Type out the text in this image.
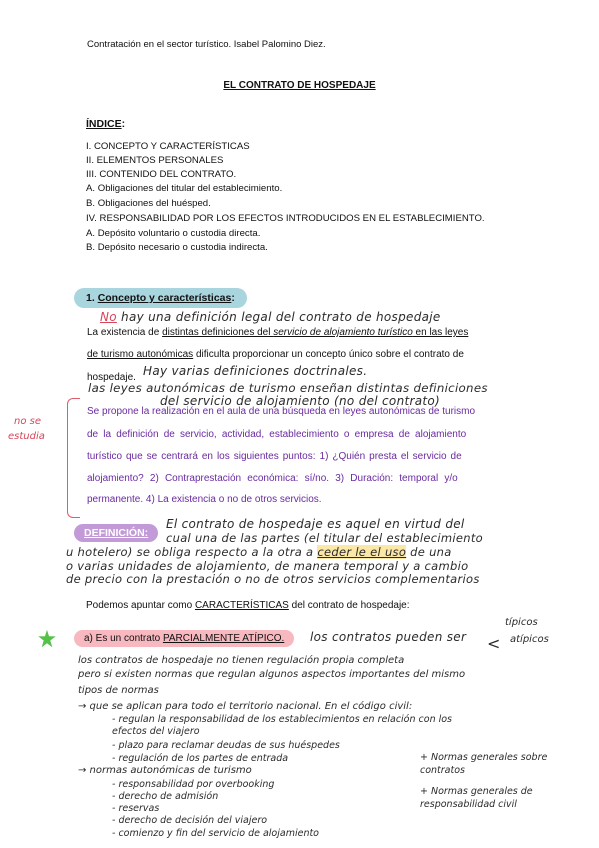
Contratación en el sector turístico. Isabel Palomino Diez.
EL CONTRATO DE HOSPEDAJE
ÍNDICE:
I. CONCEPTO Y CARACTERÍSTICAS
II. ELEMENTOS PERSONALES
III. CONTENIDO DEL CONTRATO.
A. Obligaciones del titular del establecimiento.
B. Obligaciones del huésped.
IV. RESPONSABILIDAD POR LOS EFECTOS INTRODUCIDOS EN EL ESTABLECIMIENTO.
A. Depósito voluntario o custodia directa.
B. Depósito necesario o custodia indirecta.
1. Concepto y características:
No hay una definición legal del contrato de hospedaje
La existencia de distintas definiciones del servicio de alojamiento turístico en las leyes
de turismo autonómicas dificulta proporcionar un concepto único sobre el contrato de
hospedaje. Hay varias definiciones doctrinales.
las leyes autonómicas de turismo enseñan distintas definiciones
del servicio de alojamiento (no del contrato)
no se
estudia
Se propone la realización en el aula de una búsqueda en leyes autonómicas de turismo
de la definición de servicio, actividad, establecimiento o empresa de alojamiento
turístico que se centrará en los siguientes puntos: 1) ¿Quién presta el servicio de
alojamiento? 2) Contraprestación económica: sí/no. 3) Duración: temporal y/o
permanente. 4) La existencia o no de otros servicios.
DEFINICIÓN:
El contrato de hospedaje es aquel en virtud del
cual una de las partes (el titular del establecimiento
u hotelero) se obliga respecto a la otra a ceder le el uso de una
o varias unidades de alojamiento, de manera temporal y a cambio
de precio con la prestación o no de otros servicios complementarios
Podemos apuntar como CARACTERÍSTICAS del contrato de hospedaje:
a) Es un contrato PARCIALMENTE ATÍPICO.	los contratos pueden ser <
típicos
atípicos
los contratos de hospedaje no tienen regulación propia completa
pero si existen normas que regulan algunos aspectos importantes del mismo
tipos de normas
→ que se aplican para todo el territorio nacional. En el código civil:
- regulan la responsabilidad de los establecimientos en relación con los
efectos del viajero
- plazo para reclamar deudas de sus huéspedes
- regulación de los partes de entrada
→ normas autonómicas de turismo
- responsabilidad por overbooking
- derecho de admisión
- reservas
- derecho de decisión del viajero
- comienzo y fin del servicio de alojamiento
+ Normas generales sobre
contratos
+ Normas generales de
responsabilidad civil
